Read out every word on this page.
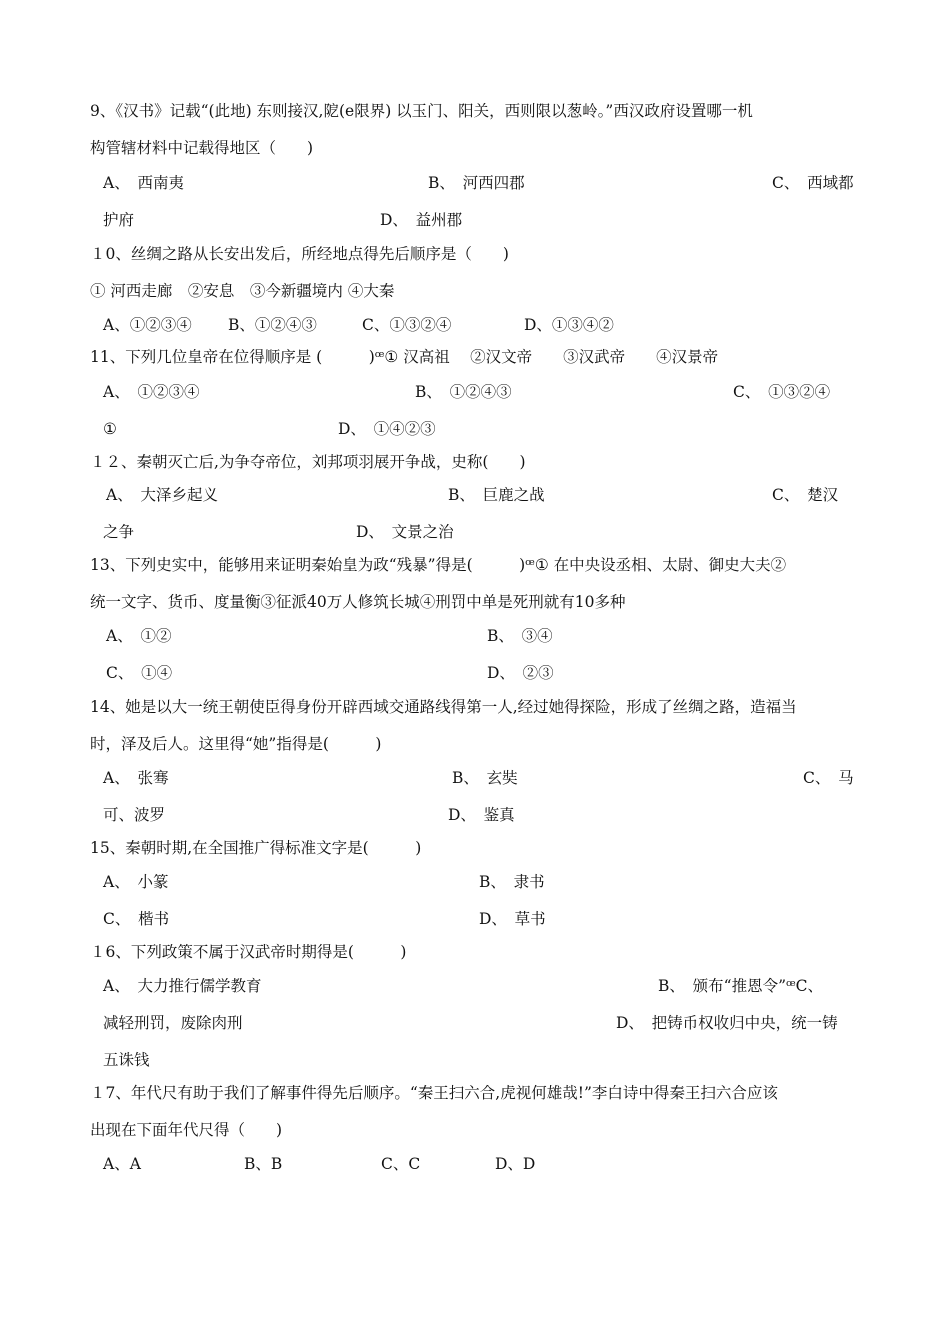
9、《汉书》记载“(此地) 东则接汉,阸(e限界) 以玉门、阳关，西则限以葱岭。”西汉政府设置哪一机
构管辖材料中记载得地区（　　)
A、　西南夷	B、　河西四郡	C、　西域都
护府	D、　益州郡
１0、丝绸之路从长安出发后，所经地点得先后顺序是（　　)
① 河西走廊　②安息　③今新疆境内 ④大秦
A、①②③④ B、①②④③	C、①③②④	D、①③④②
11、下列几位皇帝在位得顺序是 (　　　)ꟹ① 汉高祖　 ②汉文帝　　③汉武帝　　④汉景帝
A、　①②③④	B、　①②④③	C、　①③②④
①	D、　①④②③
１２、秦朝灭亡后,为争夺帝位，刘邦项羽展开争战，史称(　　)
A、　大泽乡起义	B、　巨鹿之战	C、　楚汉
之争	D、　文景之治
13、下列史实中，能够用来证明秦始皇为政“残暴”得是(　　　)ꟹ① 在中央设丞相、太尉、御史大夫②
统一文字、货币、度量衡③征派40万人修筑长城④刑罚中单是死刑就有10多种
A、　①②	B、　③④
C、　①④	D、　②③
14、她是以大一统王朝使臣得身份开辟西域交通路线得第一人,经过她得探险，形成了丝绸之路，造福当
时，泽及后人。这里得“她”指得是(　　　)
A、　张骞	B、　玄奘	C、　马
可、波罗	D、　鉴真
15、秦朝时期,在全国推广得标准文字是(　　　)
A、　小篆	B、　隶书
C、　楷书	D、　草书
１6、下列政策不属于汉武帝时期得是(　　　)
A、　大力推行儒学教育	B、　颁布“推恩令”ꟹC、
减轻刑罚，废除肉刑	D、　把铸币权收归中央，统一铸
五诛钱
１7、年代尺有助于我们了解事件得先后顺序。“秦王扫六合,虎视何雄哉!”李白诗中得秦王扫六合应该
出现在下面年代尺得（　　)
A、A	B、B	C、C	D、D
